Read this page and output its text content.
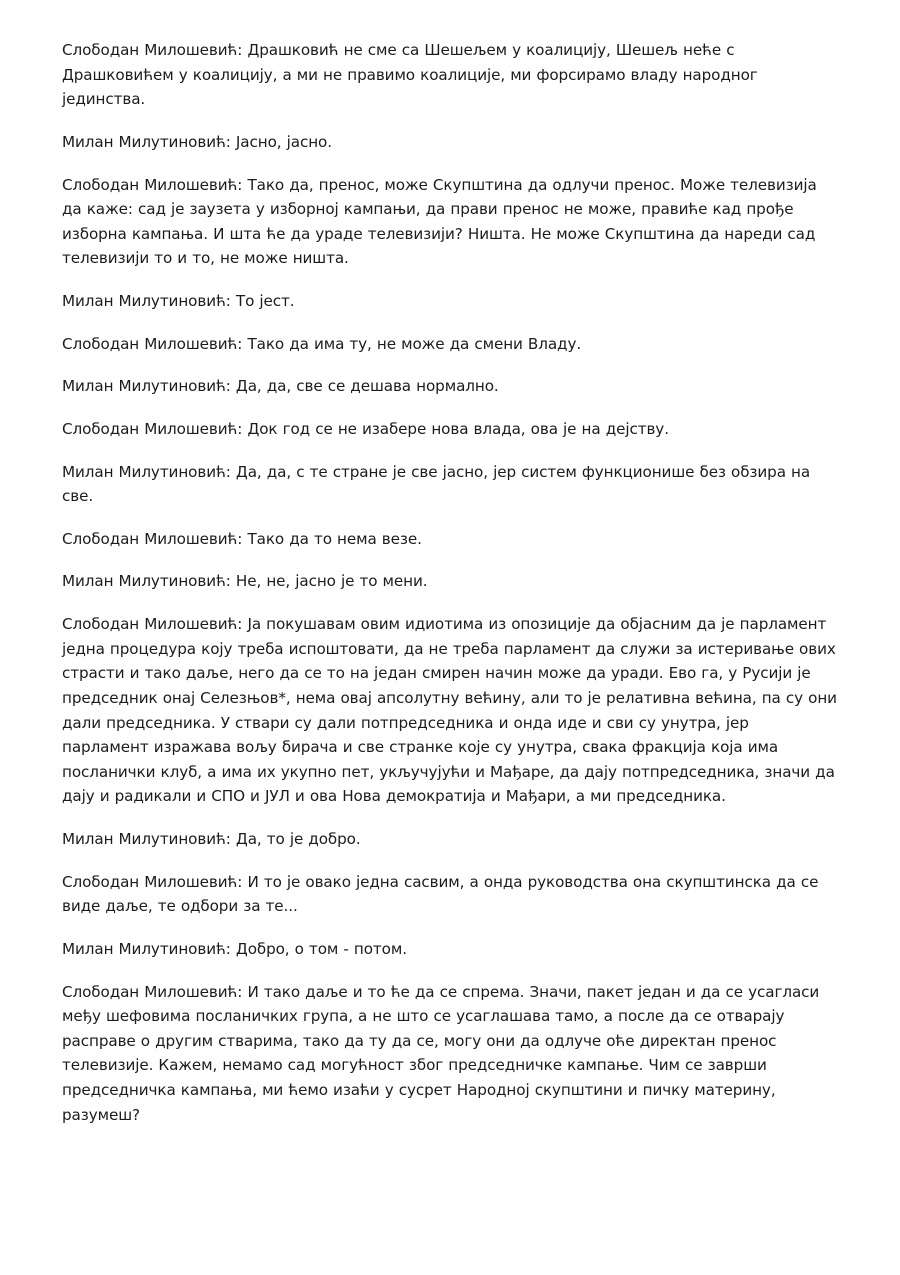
Слободан Милошевић: Драшковић не сме са Шешељем у коалицију, Шешељ неће с Драшковићем у коалицију, а ми не правимо коалиције, ми форсирамо владу народног јединства.
Милан Милутиновић: Јасно, јасно.
Слободан Милошевић: Тако да, пренос, може Скупштина да одлучи пренос. Може телевизија да каже: сад је заузета у изборној кампањи, да прави пренос не може, правиће кад прође изборна кампања. И шта ће да ураде телевизији? Ништа. Не може Скупштина да нареди сад телевизији то и то, не може ништа.
Милан Милутиновић: То јест.
Слободан Милошевић: Тако да има ту, не може да смени Владу.
Милан Милутиновић: Да, да, све се дешава нормално.
Слободан Милошевић: Док год се не изабере нова влада, ова је на дејству.
Милан Милутиновић: Да, да, с те стране је све јасно, јер систем функционише без обзира на све.
Слободан Милошевић: Тако да то нема везе.
Милан Милутиновић: Не, не, јасно је то мени.
Слободан Милошевић: Ја покушавам овим идиотима из опозиције да објасним да је парламент једна процедура коју треба испоштовати, да не треба парламент да служи за истеривање ових страсти и тако даље, него да се то на један смирен начин може да уради. Ево га, у Русији је председник онај Селезњов*, нема овај апсолутну већину, али то је релативна већина, па су они дали председника. У ствари су дали потпредседника и онда иде и сви су унутра, јер парламент изражава вољу бирача и све странке које су унутра, свака фракција која има посланички клуб, а има их укупно пет, укључујући и Мађаре, да дају потпредседника, значи да дају и радикали и СПО и ЈУЛ и ова Нова демократија и Мађари, а ми председника.
Милан Милутиновић: Да, то је добро.
Слободан Милошевић: И то је овако једна сасвим, а онда руководства она скупштинска да се виде даље, те одбори за те...
Милан Милутиновић: Добро, о том - потом.
Слободан Милошевић: И тако даље и то ће да се спрема. Значи, пакет један и да се усагласи међу шефовима посланичких група, а не што се усаглашава тамо, а после да се отварају расправе о другим стварима, тако да ту да се, могу они да одлуче оће директан пренос телевизије. Кажем, немамо сад могућност због председничке кампање. Чим се заврши председничка кампања, ми ћемо изаћи у сусрет Народној скупштини и пичку материну, разумеш?
